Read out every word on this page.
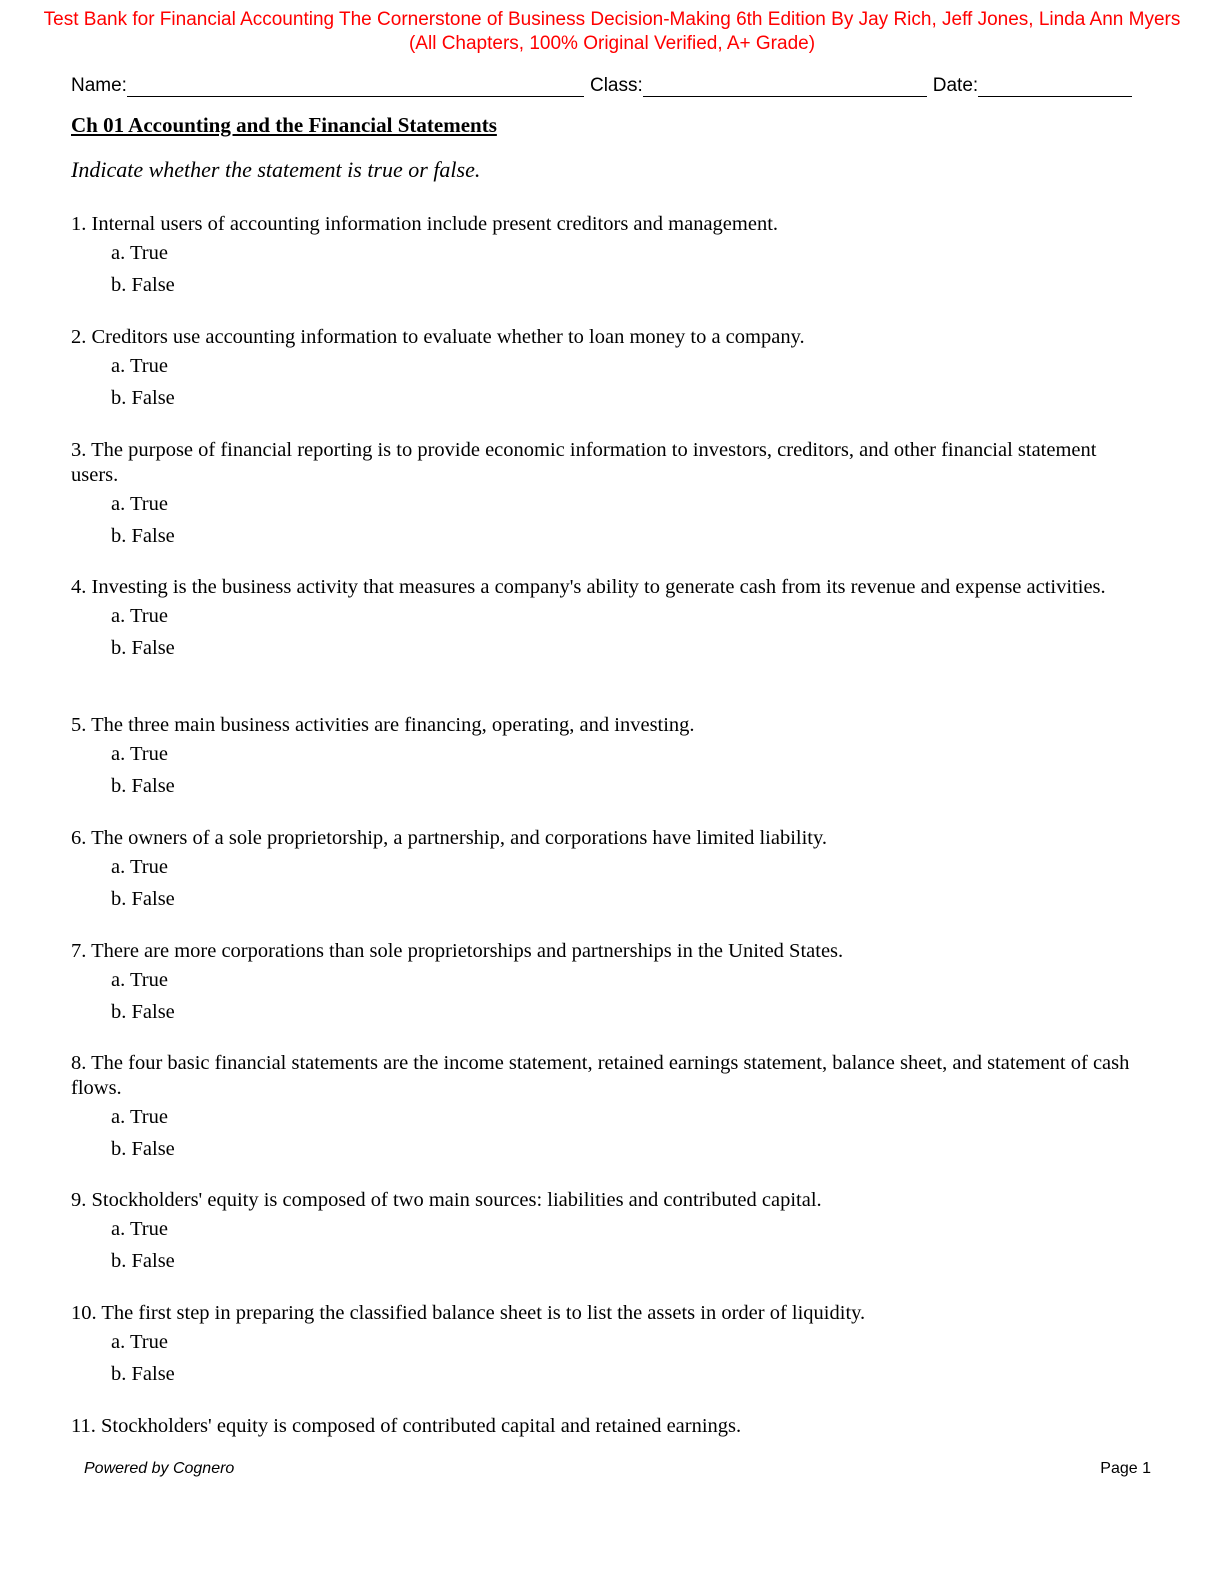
Test Bank for Financial Accounting The Cornerstone of Business Decision-Making 6th Edition By Jay Rich, Jeff Jones, Linda Ann Myers (All Chapters, 100% Original Verified, A+ Grade)
Name:	Class:	Date:
Ch 01 Accounting and the Financial Statements
Indicate whether the statement is true or false.
1. Internal users of accounting information include present creditors and management.
a. True
b. False
2. Creditors use accounting information to evaluate whether to loan money to a company.
a. True
b. False
3. The purpose of financial reporting is to provide economic information to investors, creditors, and other financial statement users.
a. True
b. False
4. Investing is the business activity that measures a company's ability to generate cash from its revenue and expense activities.
a. True
b. False
5. The three main business activities are financing, operating, and investing.
a. True
b. False
6. The owners of a sole proprietorship, a partnership, and corporations have limited liability.
a. True
b. False
7. There are more corporations than sole proprietorships and partnerships in the United States.
a. True
b. False
8. The four basic financial statements are the income statement, retained earnings statement, balance sheet, and statement of cash flows.
a. True
b. False
9. Stockholders' equity is composed of two main sources: liabilities and contributed capital.
a. True
b. False
10. The first step in preparing the classified balance sheet is to list the assets in order of liquidity.
a. True
b. False
11. Stockholders' equity is composed of contributed capital and retained earnings.
Powered by Cognero	Page 1
